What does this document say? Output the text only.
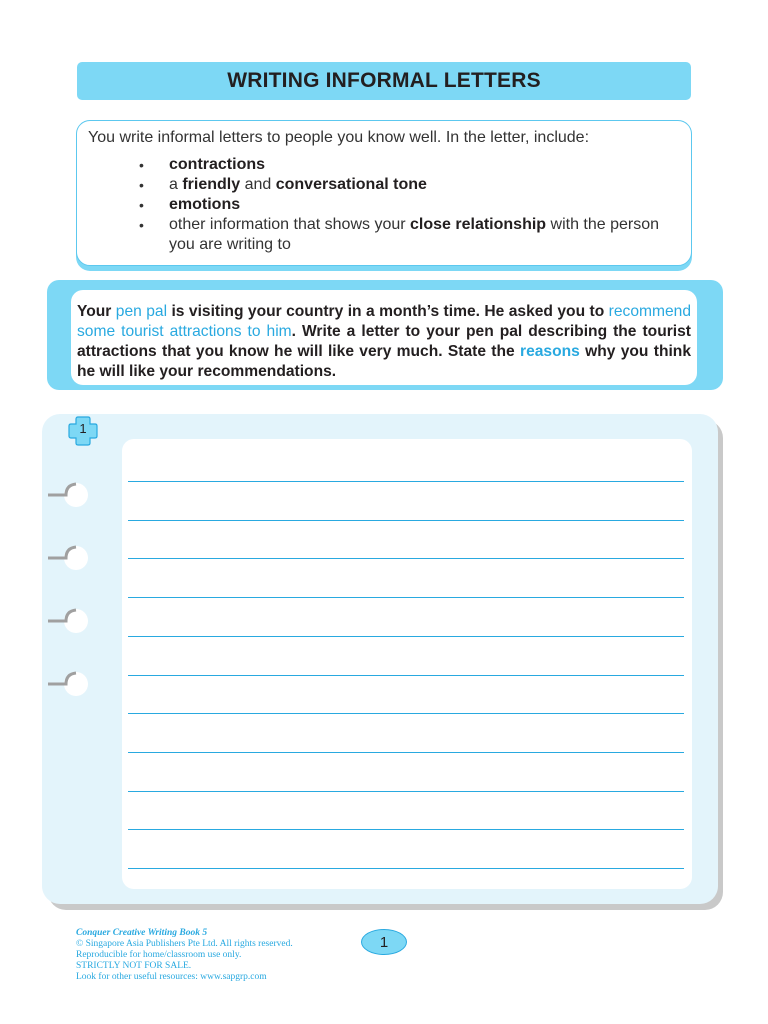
WRITING INFORMAL LETTERS
You write informal letters to people you know well. In the letter, include:
• contractions
• a friendly and conversational tone
• emotions
• other information that shows your close relationship with the person you are writing to

Your pen pal is visiting your country in a month’s time. He asked you to recommend some tourist attractions to him. Write a letter to your pen pal describing the tourist attractions that you know he will like very much. State the reasons why you think he will like your recommendations.

1
Conquer Creative Writing Book 5
© Singapore Asia Publishers Pte Ltd. All rights reserved.
Reproducible for home/classroom use only.
STRICTLY NOT FOR SALE.
Look for other useful resources: www.sapgrp.com
1
